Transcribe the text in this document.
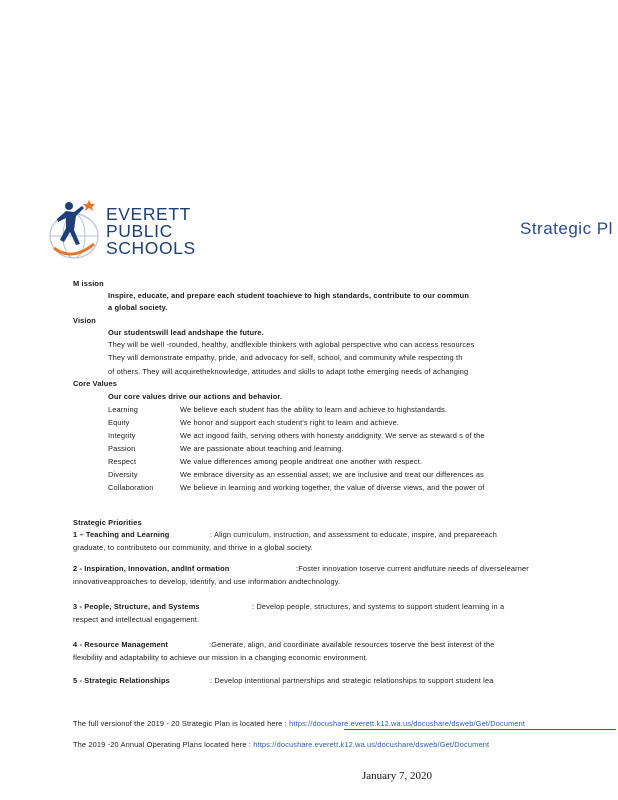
EVERETT
PUBLIC
SCHOOLS
Strategic Pl
M ission
Inspire, educate, and prepare each student toachieve to high standards, contribute to our commun
a global society.
Vision
Our studentswill lead andshape the future.
They will be well -rounded, healthy, andflexible thinkers with aglobal perspective who can access resources
They will demonstrate empathy, pride, and advocacy for self, school, and community while respecting th
of others. They will acquiretheknowledge, attitudes and skills to adapt tothe emerging needs of achanging
Core Values
Our core values drive our actions and behavior.
Learning	We believe each student has the ability to learn and achieve to highstandards.
Equity	We honor and support each student's right to learn and achieve.
Integrity	We act ingood faith, serving others with honesty anddignity. We serve as steward s of the
Passion	We are passionate about teaching and learning.
Respect	We value differences among people andtreat one another with respect.
Diversity	We embrace diversity as an essential asset; we are inclusive and treat our differences as
Collaboration	We believe in learning and working together, the value of diverse views, and the power of
Strategic Priorities
1 – Teaching and Learning	: Align curriculum, instruction, and assessment to educate, inspire, and prepareeach
graduate, to contributeto our community, and thrive in a global society.
2 - Inspiration, Innovation, andInf ormation	:Foster innovation toserve current andfuture needs of diverselearner
innovativeapproaches to develop, identify, and use information andtechnology.
3 - People, Structure, and Systems	: Develop people, structures, and systems to support student learning in a
respect and intellectual engagement.
4 - Resource Management	:Generate, align, and coordinate available resources toserve the best interest of the
flexibility and adaptability to achieve our mission in a changing economic environment.
5 - Strategic Relationships	: Develop intentional partnerships and strategic relationships to support student lea
The full versionof the 2019 - 20 Strategic Plan is located here : https://docushare.everett.k12.wa.us/docushare/dsweb/Get/Document
The 2019 -20 Annual Operating Plans located here : https://docushare.everett.k12.wa.us/docushare/dsweb/Get/Document
January 7, 2020
